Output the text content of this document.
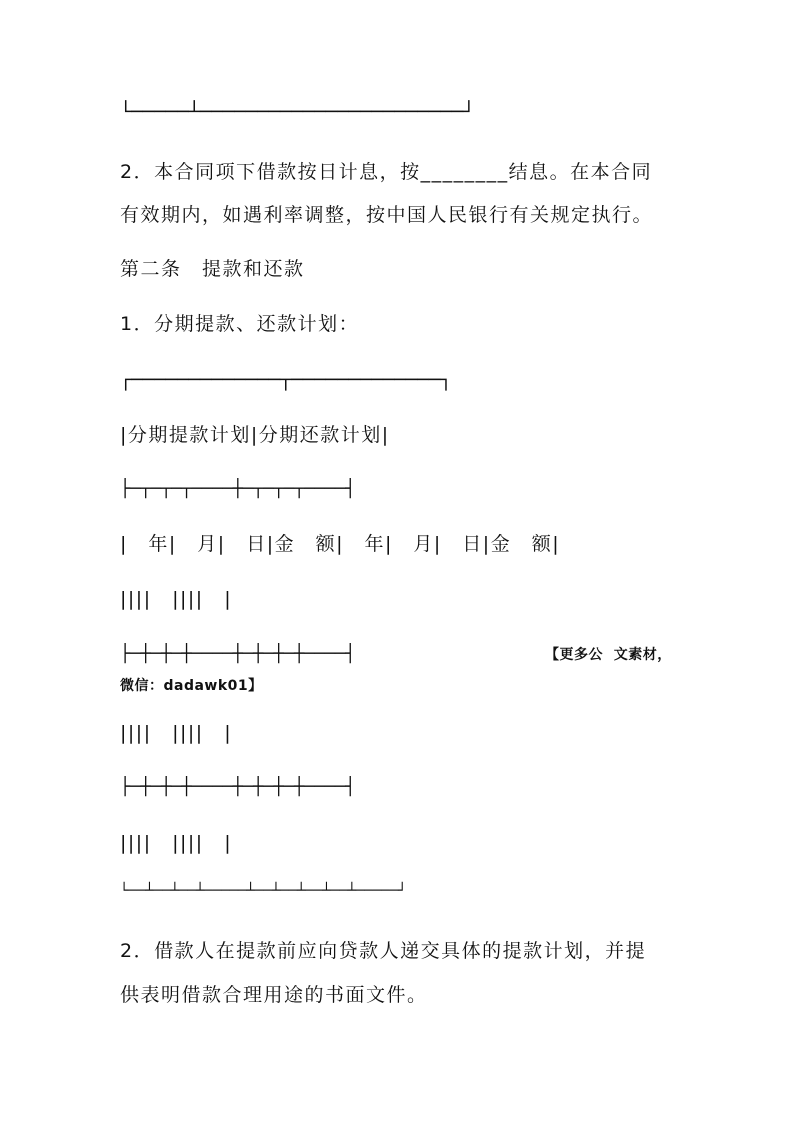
└─────┴───────────────────────┘
2．本合同项下借款按日计息，按________结息。在本合同
有效期内，如遇利率调整，按中国人民银行有关规定执行。
第二条　提款和还款
1．分期提款、还款计划：
┌─────────────┬─────────────┐
|分期提款计划|分期还款计划|
├─┬─┬─┬────┼─┬─┬─┬────┤
|　年|　月|　日|金　额|　年|　月|　日|金　额|
||||　||||　|
├─┼─┼─┼────┼─┼─┼─┼────┤	【更多公  文素材，
微信：dadawk01】
||||　||||　|
├─┼─┼─┼────┼─┼─┼─┼────┤
||||　||||　|
└──┴──┴──┴─────┴──┴──┴──┴──┴─────┘
2．借款人在提款前应向贷款人递交具体的提款计划，并提
供表明借款合理用途的书面文件。
